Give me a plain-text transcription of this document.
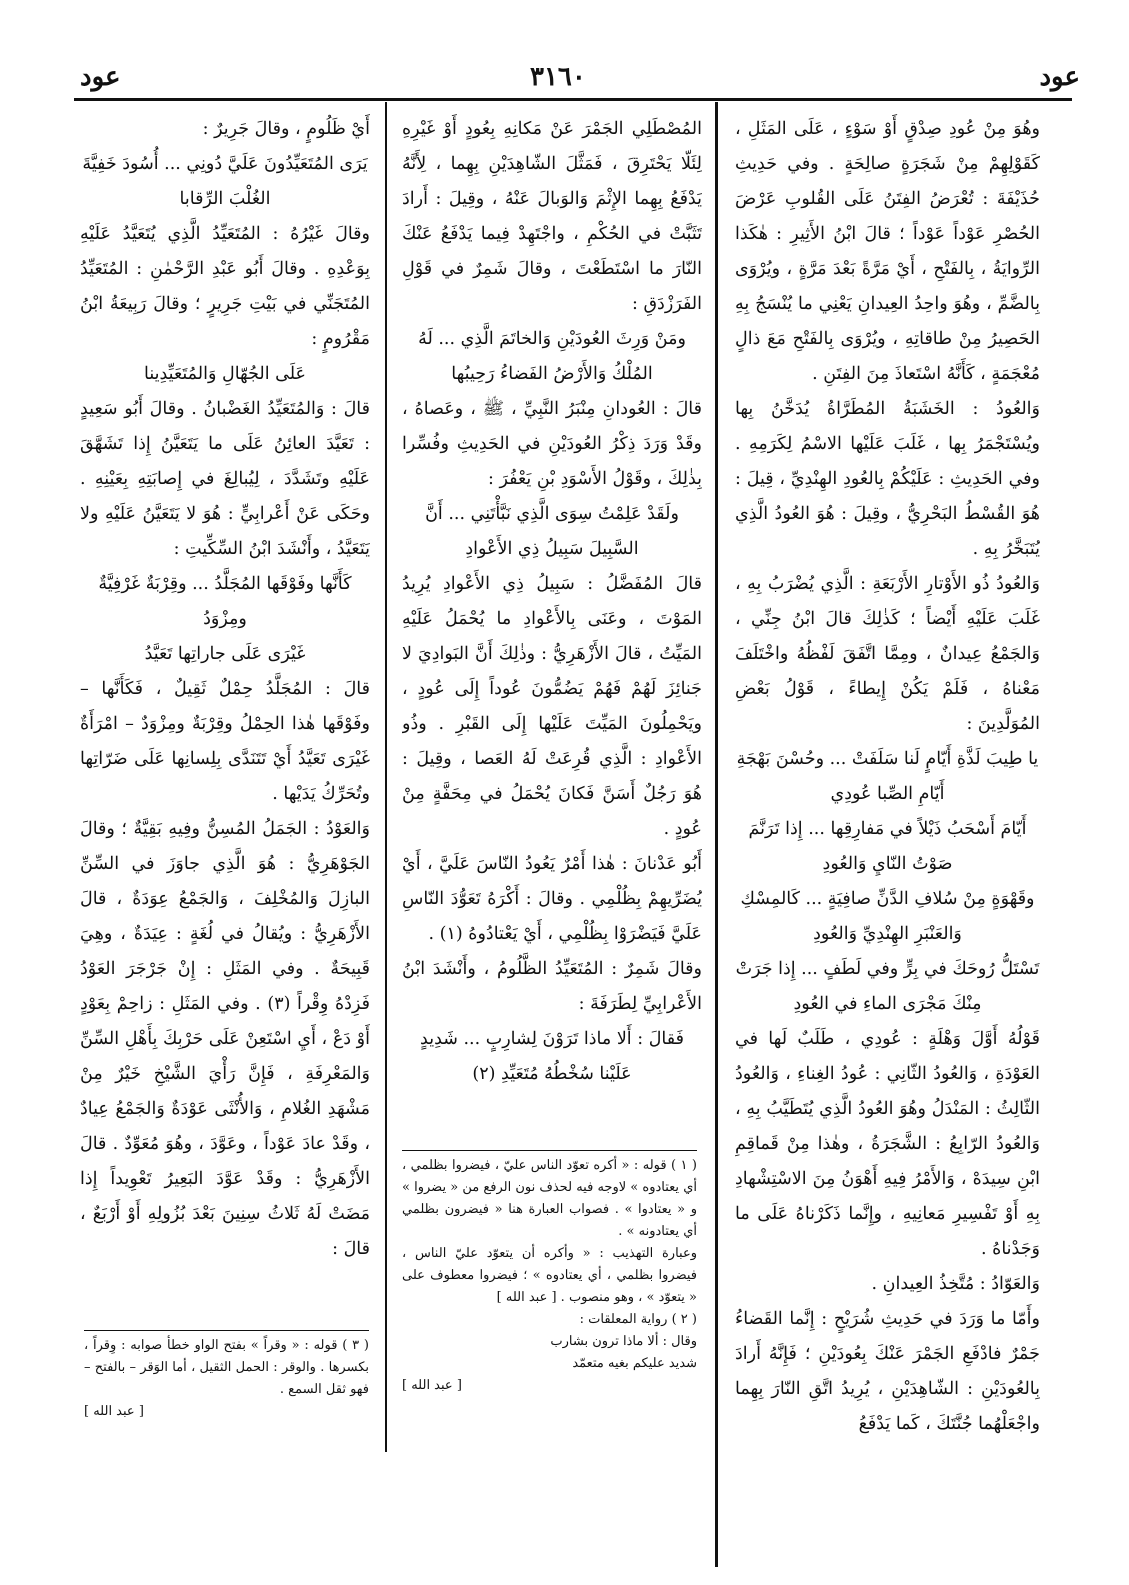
عود	٣١٦٠	عود

وهُوَ مِنْ عُودِ صِدْقٍ أَوْ سَوْءٍ ، عَلَى المَثَلِ ، كَقَوْلِهِمْ مِنْ شَجَرَةٍ صالِحَةٍ . وفي حَدِيثِ حُذَيْفَةَ : تُعْرَضُ الفِتَنُ عَلَى القُلوبِ عَرْضَ الحُصْرِ عَوْداً عَوْداً ؛ قالَ ابْنُ الأَثِيرِ : هٰكَذا الرِّوايَةُ ، بِالفَتْحِ ، أَيْ مَرَّةً بَعْدَ مَرَّةٍ ، ويُرْوَى بِالضَّمِّ ، وهُوَ واحِدُ العِيدانِ يَعْنِي ما يُنْسَجُ بِهِ الحَصِيرُ مِنْ طاقاتِهِ ، ويُرْوَى بِالفَتْحِ مَعَ ذالٍ مُعْجَمَةٍ ، كَأَنَّهُ اسْتَعاذَ مِنَ الفِتَنِ .

وَالعُودُ : الخَشَبَةُ المُطَرَّاةُ يُدَخَّنُ بِها ويُسْتَجْمَرُ بِها ، غَلَبَ عَلَيْها الاسْمُ لِكَرَمِهِ . وفي الحَدِيثِ : عَلَيْكُمْ بِالعُودِ الهِنْدِيِّ ، قِيلَ : هُوَ القُسْطُ البَحْرِيُّ ، وقِيلَ : هُوَ العُودُ الَّذِي يُتَبَخَّرُ بِهِ .

وَالعُودُ ذُو الأَوْتارِ الأَرْبَعَةِ : الَّذِي يُضْرَبُ بِهِ ، غَلَبَ عَلَيْهِ أَيْضاً ؛ كَذٰلِكَ قالَ ابْنُ جِنِّي ، وَالجَمْعُ عِيدانٌ ، ومِمَّا اتَّفَقَ لَفْظُهُ واخْتَلَفَ مَعْناهُ ، فَلَمْ يَكُنْ إِيطاءً ، قَوْلُ بَعْضِ المُوَلَّدِينَ :

يا طِيبَ لَذَّةِ أَيّامٍ لَنا سَلَفَتْ ... وحُسْنَ بَهْجَةِ أَيّامِ الصِّبا عُودِي

أَيّامَ أَسْحَبُ ذَيْلاً في مَفارِقِها ... إِذا تَرَنَّمَ صَوْتُ النّايِ وَالعُودِ

وقَهْوَةٍ مِنْ سُلافِ الدَّنِّ صافِيَةٍ ... كَالمِسْكِ وَالعَنْبَرِ الهِنْدِيِّ وَالعُودِ

تَسْتَلُّ رُوحَكَ في بِرٍّ وفي لَطَفٍ ... إِذا جَرَتْ مِنْكَ مَجْرَى الماءِ في العُودِ

قَوْلُهُ أَوَّلَ وَهْلَةٍ : عُودِي ، طَلَبٌ لَها في العَوْدَةِ ، وَالعُودُ الثّانِي : عُودُ الغِناءِ ، وَالعُودُ الثّالِثُ : المَنْدَلُ وهُوَ العُودُ الَّذِي يُتَطَيَّبُ بِهِ ، وَالعُودُ الرّابِعُ : الشَّجَرَةُ ، وهٰذا مِنْ قَماقِمِ ابْنِ سِيدَهْ ، وَالأَمْرُ فِيهِ أَهْوَنُ مِنَ الاسْتِشْهادِ بِهِ أَوْ تَفْسِيرِ مَعانِيهِ ، وإِنَّما ذَكَرْناهُ عَلَى ما وَجَدْناهُ .

وَالعَوّادُ : مُتَّخِذُ العِيدانِ .

وأَمّا ما وَرَدَ في حَدِيثِ شُرَيْحٍ : إِنَّما القَضاءُ جَمْرٌ فادْفَعِ الجَمْرَ عَنْكَ بِعُودَيْنِ ؛ فَإِنَّهُ أَرادَ بِالعُودَيْنِ : الشّاهِدَيْنِ ، يُرِيدُ اتَّقِ النّارَ بِهِما واجْعَلْهُما جُنَّتَكَ ، كَما يَدْفَعُ

المُصْطَلِي الجَمْرَ عَنْ مَكانِهِ بِعُودٍ أَوْ غَيْرِهِ لِئَلّا يَحْتَرِقَ ، فَمَثَّلَ الشّاهِدَيْنِ بِهِما ، لِأَنَّهُ يَدْفَعُ بِهِما الإِثْمَ وَالوَبالَ عَنْهُ ، وقِيلَ : أَرادَ تَثَبَّتْ في الحُكْمِ ، واجْتَهِدْ فِيما يَدْفَعُ عَنْكَ النّارَ ما اسْتَطَعْتَ ، وقالَ شَمِرٌ في قَوْلِ الفَرَزْدَقِ :

ومَنْ وَرِثَ العُودَيْنِ وَالخاتَمَ الَّذِي ... لَهُ المُلْكُ وَالأَرْضُ الفَضاءُ رَحِيبُها

قالَ : العُودانِ مِنْبَرُ النَّبِيِّ ، ﷺ ، وعَصاهُ ، وقَدْ وَرَدَ ذِكْرُ العُودَيْنِ في الحَدِيثِ وفُسِّرا بِذٰلِكَ ، وقَوْلُ الأَسْوَدِ بْنِ يَعْفُرَ :

ولَقَدْ عَلِمْتُ سِوَى الَّذِي نَبَّأْتَنِي ... أَنَّ السَّبِيلَ سَبِيلُ ذِي الأَعْوادِ

قالَ المُفَضَّلُ : سَبِيلُ ذِي الأَعْوادِ يُرِيدُ المَوْتَ ، وعَنَى بِالأَعْوادِ ما يُحْمَلُ عَلَيْهِ المَيِّتُ ، قالَ الأَزْهَرِيُّ : وذٰلِكَ أَنَّ البَوادِيَ لا جَنائِزَ لَهُمْ فَهُمْ يَضُمُّونَ عُوداً إِلَى عُودٍ ، ويَحْمِلُونَ المَيِّتَ عَلَيْها إِلَى القَبْرِ . وذُو الأَعْوادِ : الَّذِي قُرِعَتْ لَهُ العَصا ، وقِيلَ : هُوَ رَجُلٌ أَسَنَّ فَكانَ يُحْمَلُ في مِحَفَّةٍ مِنْ عُودٍ .

أَبُو عَدْنانَ : هٰذا أَمْرٌ يَعُودُ النّاسَ عَلَيَّ ، أَيْ يُضَرِّيهِمْ بِظُلْمِي . وقالَ : أَكْرَهُ تَعَوُّدَ النّاسِ عَلَيَّ فَيَضْرَوْا بِظُلْمِي ، أَيْ يَعْتادُوهُ (١) .

وقالَ شَمِرٌ : المُتَعَيِّدُ الظَّلُومُ ، وأَنْشَدَ ابْنُ الأَعْرابِيِّ لِطَرَفَةَ :

فَقالَ : أَلا ماذا تَرَوْنَ لِشارِبٍ ... شَدِيدٍ عَلَيْنا سُخْطُهُ مُتَعَيِّدِ (٢)

أَيْ ظَلُومٍ ، وقالَ جَرِيرٌ :

يَرَى المُتَعَيِّدُونَ عَلَيَّ دُونِي ... أُسُودَ خَفِيَّةَ الغُلْبَ الرِّقابا

وقالَ غَيْرُهُ : المُتَعَيِّدُ الَّذِي يُتَعَيَّدُ عَلَيْهِ بِوَعْدِهِ . وقالَ أَبُو عَبْدِ الرَّحْمٰنِ : المُتَعَيِّدُ المُتَجَنِّي في بَيْتِ جَرِيرٍ ؛ وقالَ رَبِيعَةُ ابْنُ مَقْرُومٍ :

عَلَى الجُهّالِ وَالمُتَعَيِّدِينا

قالَ : وَالمُتَعَيِّدُ الغَضْبانُ . وقالَ أَبُو سَعِيدٍ : تَعَيَّدَ العائِنُ عَلَى ما يَتَعَيَّنُ إِذا تَشَهَّقَ عَلَيْهِ وتَشَدَّدَ ، لِيُبالِغَ في إِصابَتِهِ بِعَيْنِهِ . وحَكَى عَنْ أَعْرابِيٍّ : هُوَ لا يَتَعَيَّنُ عَلَيْهِ ولا يَتَعَيَّدُ ، وأَنْشَدَ ابْنُ السِّكِّيتِ :

كَأَنَّها وفَوْقَها المُجَلَّدُ ... وقِرْبَةٌ غَرْفِيَّةٌ ومِزْوَدُ

غَيْرَى عَلَى جاراتِها تَعَيَّدُ

قالَ : المُجَلَّدُ حِمْلٌ ثَقِيلٌ ، فَكَأَنَّها – وفَوْقَها هٰذا الحِمْلُ وقِرْبَةٌ ومِزْوَدٌ – امْرَأَةٌ غَيْرَى تَعَيَّدُ أَيْ تَتَنَدَّى بِلِسانِها عَلَى ضَرّاتِها وتُحَرِّكُ يَدَيْها .

وَالعَوْدُ : الجَمَلُ المُسِنُّ وفِيهِ بَقِيَّةٌ ؛ وقالَ الجَوْهَرِيُّ : هُوَ الَّذِي جاوَزَ في السِّنِّ البازِلَ وَالمُخْلِفَ ، وَالجَمْعُ عِوَدَةٌ ، قالَ الأَزْهَرِيُّ : ويُقالُ في لُغَةٍ : عِيَدَةٌ ، وهِيَ قَبِيحَةٌ . وفي المَثَلِ : إِنْ جَرْجَرَ العَوْدُ فَزِدْهُ وِقْراً (٣) . وفي المَثَلِ : زاحِمْ بِعَوْدٍ أَوْ دَعْ ، أَيِ اسْتَعِنْ عَلَى حَرْبِكَ بِأَهْلِ السِّنِّ وَالمَعْرِفَةِ ، فَإِنَّ رَأْيَ الشَّيْخِ خَيْرٌ مِنْ مَشْهَدِ الغُلامِ ، وَالأُنْثَى عَوْدَةٌ وَالجَمْعُ عِيادٌ ، وقَدْ عادَ عَوْداً ، وعَوَّدَ ، وهُوَ مُعَوِّدٌ . قالَ الأَزْهَرِيُّ : وقَدْ عَوَّدَ البَعِيرُ تَعْوِيداً إِذا مَضَتْ لَهُ ثَلاثُ سِنِينَ بَعْدَ بُزُولِهِ أَوْ أَرْبَعٌ ، قالَ :

( ١ ) قوله : « أكره تعوّد الناس عليّ ، فيضروا بظلمي ، أي يعتادوه » لاوجه فيه لحذف نون الرفع من « يضروا » و « يعتادوا » . فصواب العبارة هنا « فيضرون بظلمي أي يعتادونه » .

وعبارة التهذيب : « وأكره أن يتعوّد عليّ الناس ، فيضروا بظلمي ، أي يعتادوه » ؛ فيضروا معطوف على « يتعوّد » ، وهو منصوب . [ عبد الله ]

( ٢ ) رواية المعلقات :

وقال : ألا ماذا ترون بشارب

شديد عليكم بغيه متعمّد

[ عبد الله ]

( ٣ ) قوله : « وقراً » بفتح الواو خطأ صوابه : وِقراً ، بكسرها . والوقر : الحمل الثقيل ، أما الوَقر – بالفتح – فهو ثقل السمع .

[ عبد الله ]
